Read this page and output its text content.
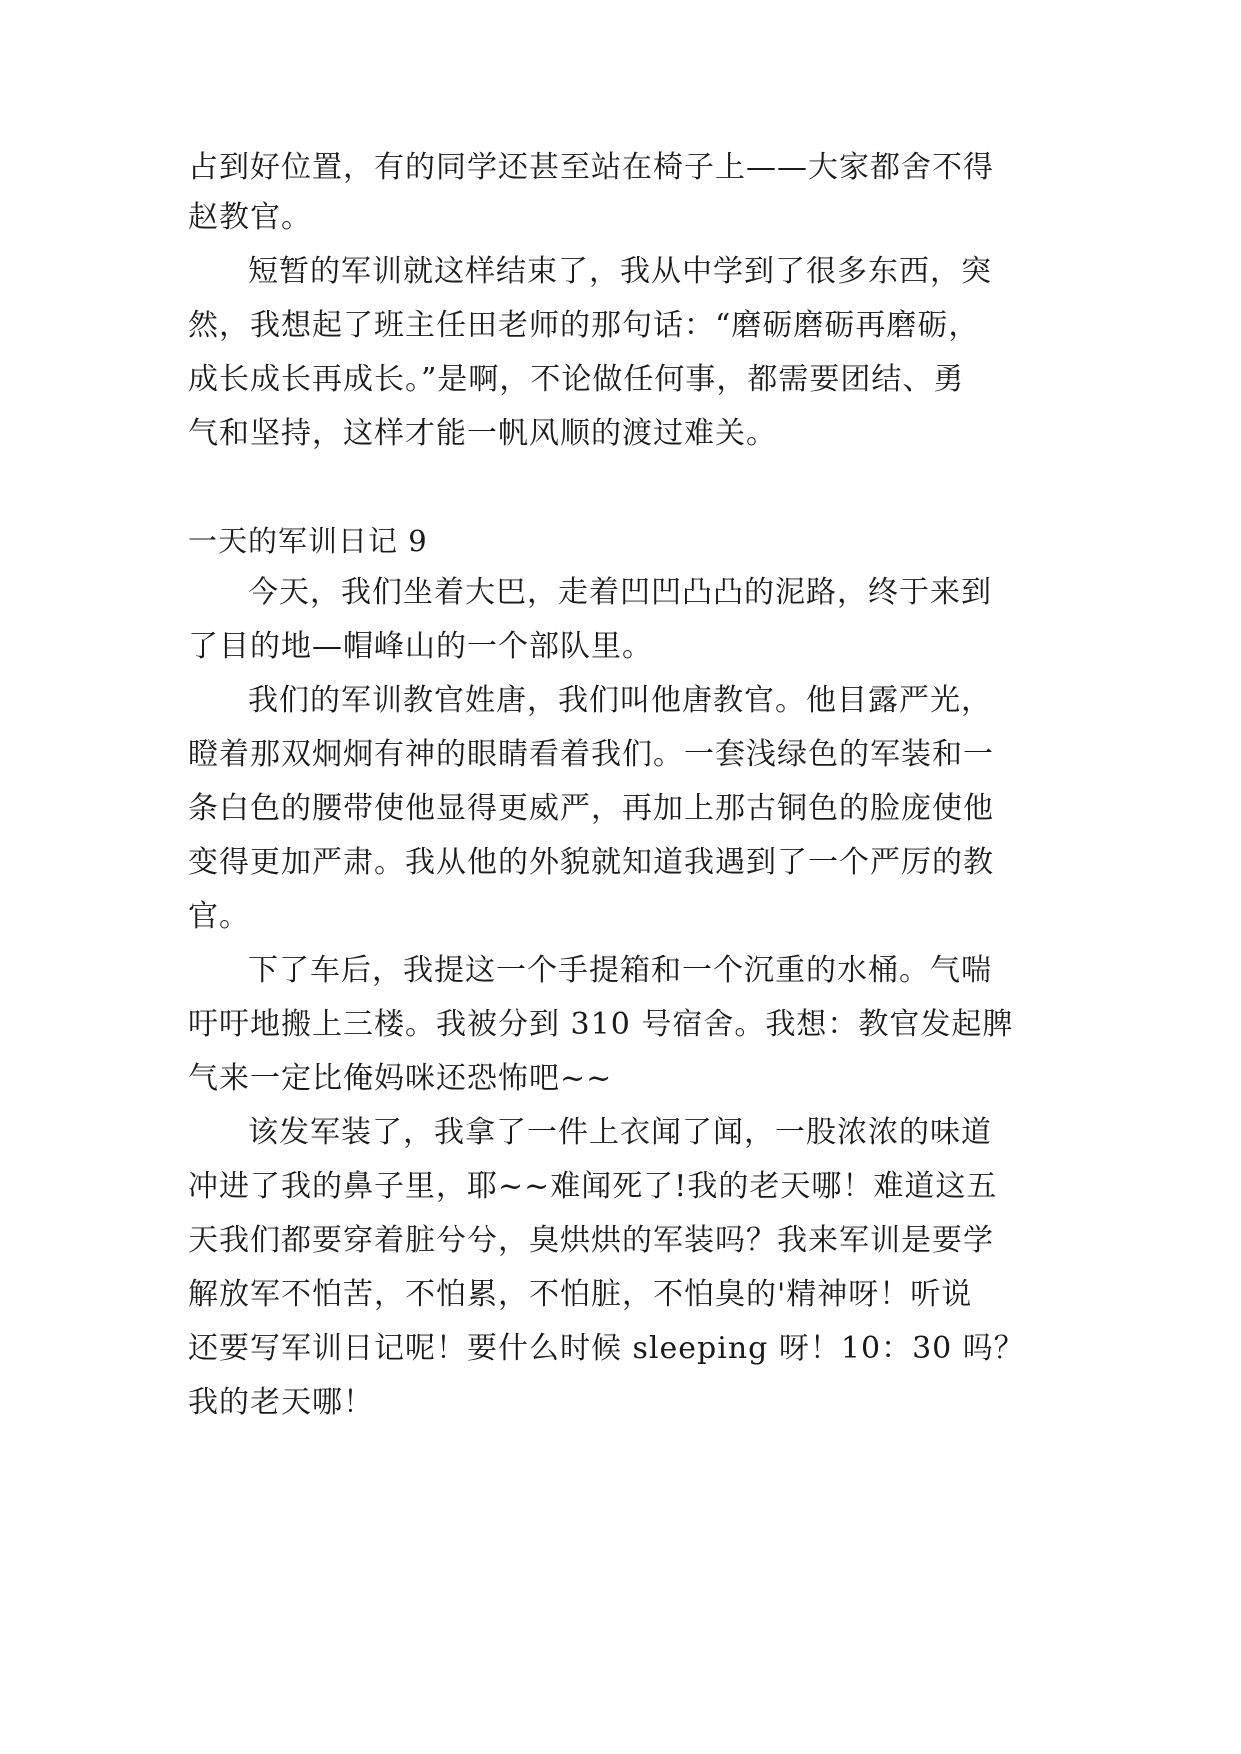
占到好位置，有的同学还甚至站在椅子上——大家都舍不得
赵教官。
短暂的军训就这样结束了，我从中学到了很多东西，突
然，我想起了班主任田老师的那句话：“磨砺磨砺再磨砺，
成长成长再成长。”是啊，不论做任何事，都需要团结、勇
气和坚持，这样才能一帆风顺的渡过难关。
一天的军训日记 9
今天，我们坐着大巴，走着凹凹凸凸的泥路，终于来到
了目的地—帽峰山的一个部队里。
我们的军训教官姓唐，我们叫他唐教官。他目露严光，
瞪着那双炯炯有神的眼睛看着我们。一套浅绿色的军装和一
条白色的腰带使他显得更威严，再加上那古铜色的脸庞使他
变得更加严肃。我从他的外貌就知道我遇到了一个严厉的教
官。
下了车后，我提这一个手提箱和一个沉重的水桶。气喘
吁吁地搬上三楼。我被分到 310 号宿舍。我想：教官发起脾
气来一定比俺妈咪还恐怖吧~~
该发军装了，我拿了一件上衣闻了闻，一股浓浓的味道
冲进了我的鼻子里，耶~~难闻死了!我的老天哪！难道这五
天我们都要穿着脏兮兮，臭烘烘的军装吗？我来军训是要学
解放军不怕苦，不怕累，不怕脏，不怕臭的'精神呀！听说
还要写军训日记呢！要什么时候 sleeping 呀！10：30 吗？
我的老天哪！
